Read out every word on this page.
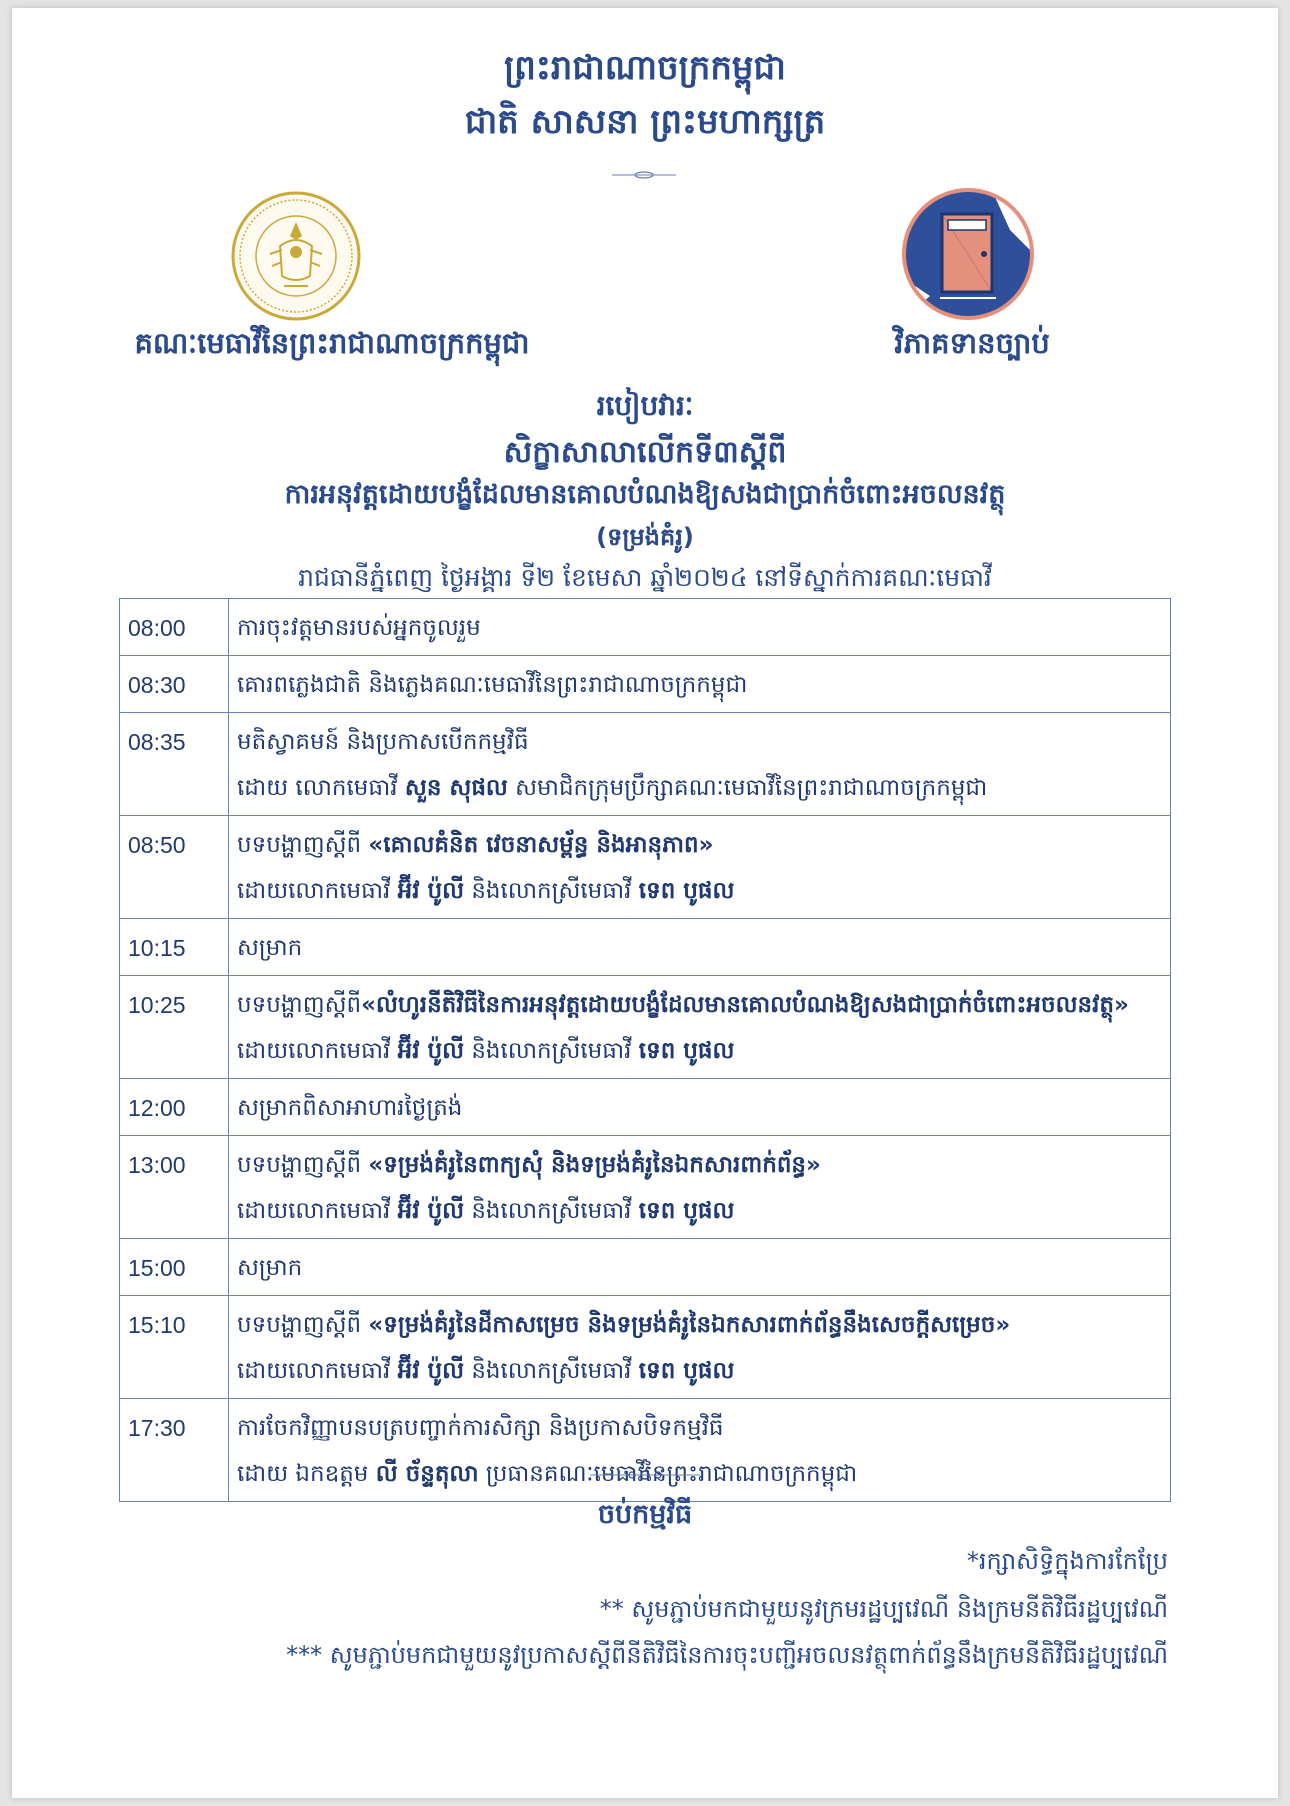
ព្រះរាជាណាចក្រកម្ពុជា
ជាតិ សាសនា ព្រះមហាក្សត្រ
គណៈមេធាវីនៃព្រះរាជាណាចក្រកម្ពុជា	វិភាគទានច្បាប់
របៀបវារៈ
សិក្ខាសាលាលើកទី៣ស្តីពី
ការអនុវត្តដោយបង្ខំដែលមានគោលបំណងឱ្យសងជាប្រាក់ចំពោះអចលនវត្ថុ
(ទម្រង់គំរូ)
រាជធានីភ្នំពេញ ថ្ងៃអង្គារ ទី២ ខែមេសា ឆ្នាំ២០២៤ នៅទីស្នាក់ការគណៈមេធាវី
08:00	ការចុះវត្តមានរបស់អ្នកចូលរួម

08:30	គោរពភ្លេងជាតិ និងភ្លេងគណៈមេធាវីនៃព្រះរាជាណាចក្រកម្ពុជា

08:35	មតិស្វាគមន៍ និងប្រកាសបើកកម្មវិធី
ដោយ លោកមេធាវី សួន សុផល សមាជិកក្រុមប្រឹក្សាគណៈមេធាវីនៃព្រះរាជាណាចក្រកម្ពុជា

08:50	បទបង្ហាញស្តីពី «គោលគំនិត វេចនាសម្ព័ន្ធ និងអានុភាព»
ដោយលោកមេធាវី អ៊ីវ ប៉ូលី និងលោកស្រីមេធាវី ទេព បូផល

10:15	សម្រាក

10:25	បទបង្ហាញស្តីពី«លំហូរនីតិវិធីនៃការអនុវត្តដោយបង្ខំដែលមានគោលបំណងឱ្យសងជាប្រាក់ចំពោះអចលនវត្ថុ»
ដោយលោកមេធាវី អ៊ីវ ប៉ូលី និងលោកស្រីមេធាវី ទេព បូផល

12:00	សម្រាកពិសាអាហារថ្ងៃត្រង់

13:00	បទបង្ហាញស្តីពី «ទម្រង់គំរូនៃពាក្យសុំ និងទម្រង់គំរូនៃឯកសារពាក់ព័ន្ធ»
ដោយលោកមេធាវី អ៊ីវ ប៉ូលី និងលោកស្រីមេធាវី ទេព បូផល

15:00	សម្រាក

15:10	បទបង្ហាញស្តីពី «ទម្រង់គំរូនៃដីកាសម្រេច និងទម្រង់គំរូនៃឯកសារពាក់ព័ន្ធនឹងសេចក្តីសម្រេច»
ដោយលោកមេធាវី អ៊ីវ ប៉ូលី និងលោកស្រីមេធាវី ទេព បូផល

17:30	ការចែកវិញ្ញាបនបត្របញ្ចាក់ការសិក្សា និងប្រកាសបិទកម្មវិធី
ដោយ ឯកឧត្តម លី ច័ន្ទតុលា ប្រធានគណៈមេធាវីនៃព្រះរាជាណាចក្រកម្ពុជា
ចប់កម្មវិធី
*រក្សាសិទ្ធិក្នុងការកែប្រែ
** សូមភ្ជាប់មកជាមួយនូវក្រមរដ្ឋប្បវេណី និងក្រមនីតិវិធីរដ្ឋប្បវេណី
*** សូមភ្ជាប់មកជាមួយនូវប្រកាសស្តីពីនីតិវិធីនៃការចុះបញ្ជីអចលនវត្ថុពាក់ព័ន្ធនឹងក្រមនីតិវិធីរដ្ឋប្បវេណី
